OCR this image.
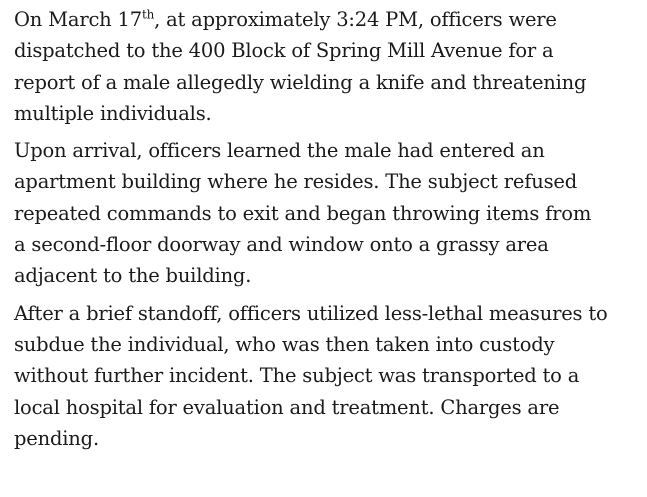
On March 17th, at approximately 3:24 PM, officers were
dispatched to the 400 Block of Spring Mill Avenue for a
report of a male allegedly wielding a knife and threatening
multiple individuals.

Upon arrival, officers learned the male had entered an
apartment building where he resides. The subject refused
repeated commands to exit and began throwing items from
a second-floor doorway and window onto a grassy area
adjacent to the building.

After a brief standoff, officers utilized less-lethal measures to
subdue the individual, who was then taken into custody
without further incident. The subject was transported to a
local hospital for evaluation and treatment. Charges are
pending.
